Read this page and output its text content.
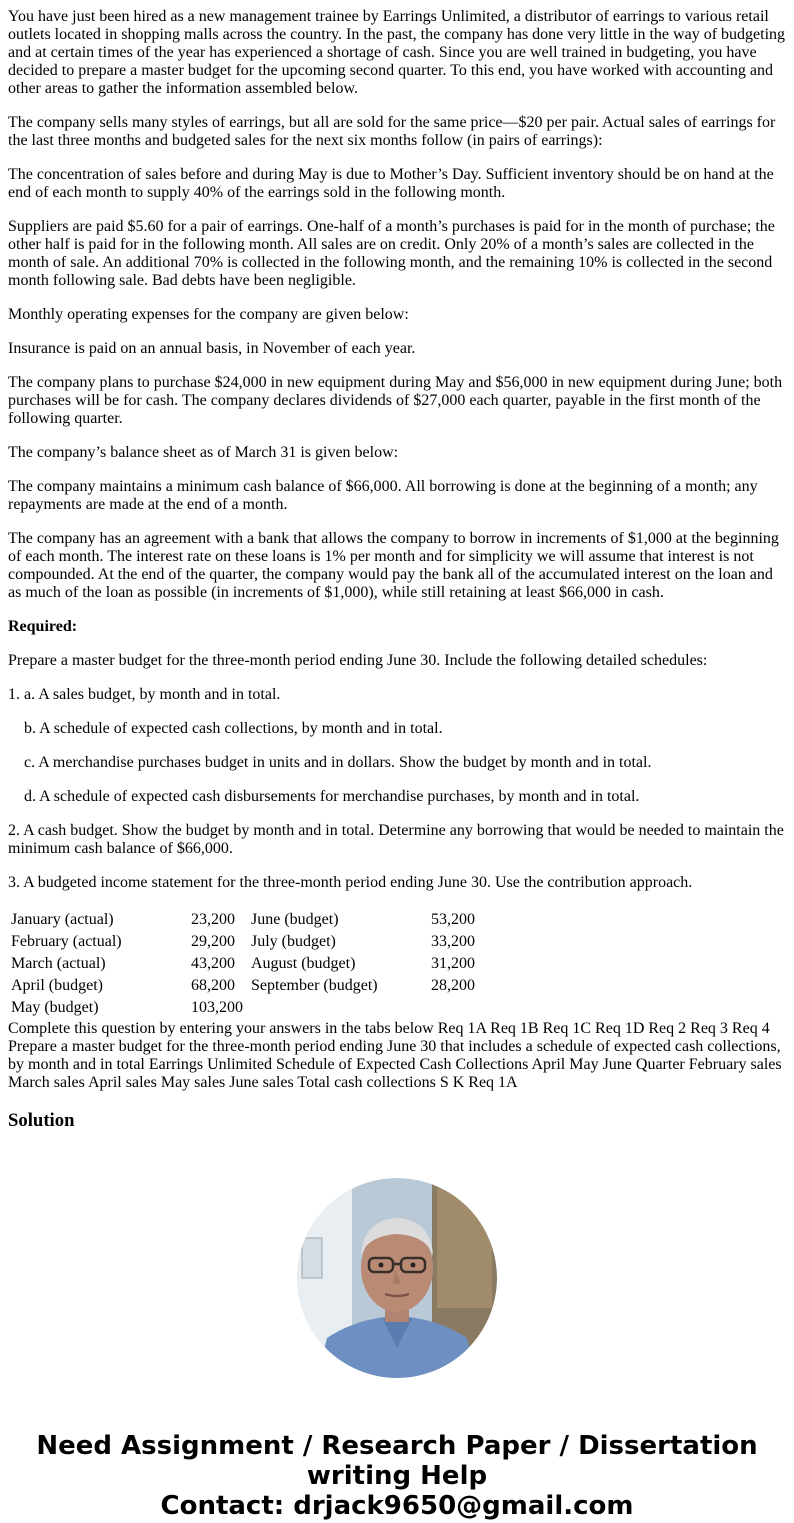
You have just been hired as a new management trainee by Earrings Unlimited, a distributor of earrings to various retail outlets located in shopping malls across the country. In the past, the company has done very little in the way of budgeting and at certain times of the year has experienced a shortage of cash. Since you are well trained in budgeting, you have decided to prepare a master budget for the upcoming second quarter. To this end, you have worked with accounting and other areas to gather the information assembled below.

The company sells many styles of earrings, but all are sold for the same price—$20 per pair. Actual sales of earrings for the last three months and budgeted sales for the next six months follow (in pairs of earrings):

The concentration of sales before and during May is due to Mother’s Day. Sufficient inventory should be on hand at the end of each month to supply 40% of the earrings sold in the following month.

Suppliers are paid $5.60 for a pair of earrings. One-half of a month’s purchases is paid for in the month of purchase; the other half is paid for in the following month. All sales are on credit. Only 20% of a month’s sales are collected in the month of sale. An additional 70% is collected in the following month, and the remaining 10% is collected in the second month following sale. Bad debts have been negligible.

Monthly operating expenses for the company are given below:

Insurance is paid on an annual basis, in November of each year.

The company plans to purchase $24,000 in new equipment during May and $56,000 in new equipment during June; both purchases will be for cash. The company declares dividends of $27,000 each quarter, payable in the first month of the following quarter.

The company’s balance sheet as of March 31 is given below:

The company maintains a minimum cash balance of $66,000. All borrowing is done at the beginning of a month; any repayments are made at the end of a month.

The company has an agreement with a bank that allows the company to borrow in increments of $1,000 at the beginning of each month. The interest rate on these loans is 1% per month and for simplicity we will assume that interest is not compounded. At the end of the quarter, the company would pay the bank all of the accumulated interest on the loan and as much of the loan as possible (in increments of $1,000), while still retaining at least $66,000 in cash.

Required:

Prepare a master budget for the three-month period ending June 30. Include the following detailed schedules:

1. a. A sales budget, by month and in total.

b. A schedule of expected cash collections, by month and in total.

c. A merchandise purchases budget in units and in dollars. Show the budget by month and in total.

d. A schedule of expected cash disbursements for merchandise purchases, by month and in total.

2. A cash budget. Show the budget by month and in total. Determine any borrowing that would be needed to maintain the minimum cash balance of $66,000.

3. A budgeted income statement for the three-month period ending June 30. Use the contribution approach.

January (actual)	23,200	June (budget)	53,200
February (actual)	29,200	July (budget)	33,200
March (actual)	43,200	August (budget)	31,200
April (budget)	68,200	September (budget)	28,200
May (budget)	103,200		
Complete this question by entering your answers in the tabs below Req 1A Req 1B Req 1C Req 1D Req 2 Req 3 Req 4 Prepare a master budget for the three-month period ending June 30 that includes a schedule of expected cash collections, by month and in total Earrings Unlimited Schedule of Expected Cash Collections April May June Quarter February sales March sales April sales May sales June sales Total cash collections S K Req 1A
Solution
Need Assignment / Research Paper / Dissertation
writing Help
Contact: drjack9650@gmail.com
